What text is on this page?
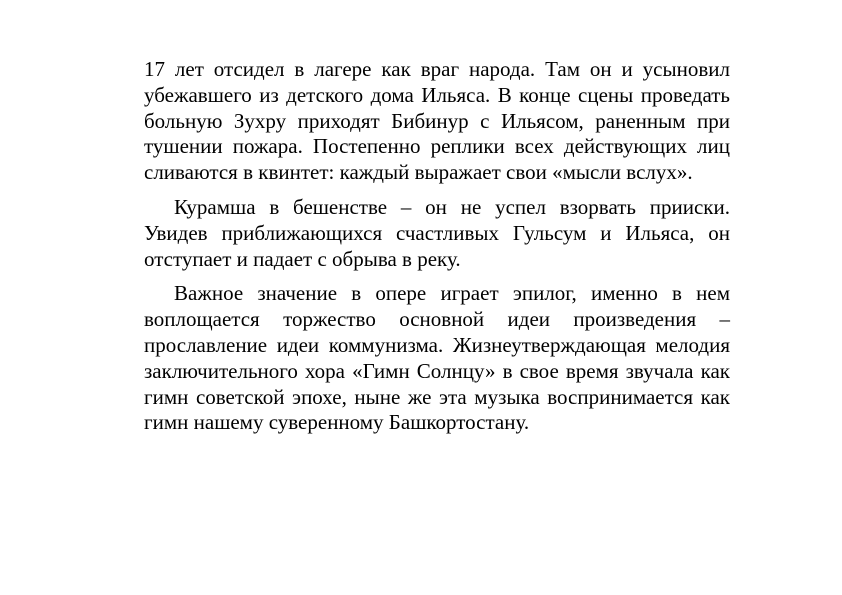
17 лет отсидел в лагере как враг народа. Там он и усыновил убежавшего из детского дома Ильяса. В конце сцены проведать больную Зухру приходят Бибинур с Ильясом, раненным при тушении пожара. Постепенно реплики всех действующих лиц сливаются в квинтет: каждый выражает свои «мысли вслух».

Курамша в бешенстве – он не успел взорвать прииски. Увидев приближающихся счастливых Гульсум и Ильяса, он отступает и падает с обрыва в реку.

Важное значение в опере играет эпилог, именно в нем воплощается торжество основной идеи произведения – прославление идеи коммунизма. Жизнеутверждающая мелодия заключительного хора «Гимн Солнцу» в свое время звучала как гимн советской эпохе, ныне же эта музыка воспринимается как гимн нашему суверенному Башкортостану.
